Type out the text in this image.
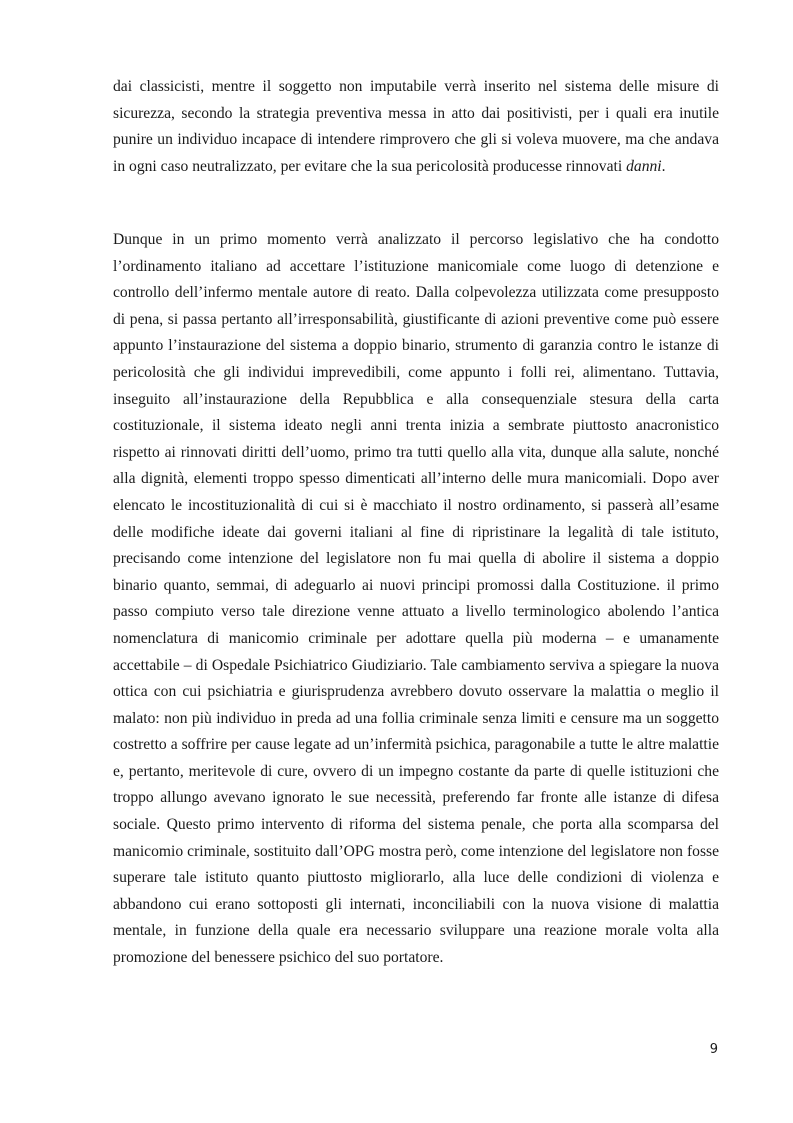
dai classicisti, mentre il soggetto non imputabile verrà inserito nel sistema delle misure di sicurezza, secondo la strategia preventiva messa in atto dai positivisti, per i quali era inutile punire un individuo incapace di intendere rimprovero che gli si voleva muovere, ma che andava in ogni caso neutralizzato, per evitare che la sua pericolosità producesse rinnovati danni.

Dunque in un primo momento verrà analizzato il percorso legislativo che ha condotto l’ordinamento italiano ad accettare l’istituzione manicomiale come luogo di detenzione e controllo dell’infermo mentale autore di reato. Dalla colpevolezza utilizzata come presupposto di pena, si passa pertanto all’irresponsabilità, giustificante di azioni preventive come può essere appunto l’instaurazione del sistema a doppio binario, strumento di garanzia contro le istanze di pericolosità che gli individui imprevedibili, come appunto i folli rei, alimentano. Tuttavia, inseguito all’instaurazione della Repubblica e alla consequenziale stesura della carta costituzionale, il sistema ideato negli anni trenta inizia a sembrate piuttosto anacronistico rispetto ai rinnovati diritti dell’uomo, primo tra tutti quello alla vita, dunque alla salute, nonché alla dignità, elementi troppo spesso dimenticati all’interno delle mura manicomiali. Dopo aver elencato le incostituzionalità di cui si è macchiato il nostro ordinamento, si passerà all’esame delle modifiche ideate dai governi italiani al fine di ripristinare la legalità di tale istituto, precisando come intenzione del legislatore non fu mai quella di abolire il sistema a doppio binario quanto, semmai, di adeguarlo ai nuovi principi promossi dalla Costituzione. il primo passo compiuto verso tale direzione venne attuato a livello terminologico abolendo l’antica nomenclatura di manicomio criminale per adottare quella più moderna – e umanamente accettabile – di Ospedale Psichiatrico Giudiziario. Tale cambiamento serviva a spiegare la nuova ottica con cui psichiatria e giurisprudenza avrebbero dovuto osservare la malattia o meglio il malato: non più individuo in preda ad una follia criminale senza limiti e censure ma un soggetto costretto a soffrire per cause legate ad un’infermità psichica, paragonabile a tutte le altre malattie e, pertanto, meritevole di cure, ovvero di un impegno costante da parte di quelle istituzioni che troppo allungo avevano ignorato le sue necessità, preferendo far fronte alle istanze di difesa sociale. Questo primo intervento di riforma del sistema penale, che porta alla scomparsa del manicomio criminale, sostituito dall’OPG mostra però, come intenzione del legislatore non fosse superare tale istituto quanto piuttosto migliorarlo, alla luce delle condizioni di violenza e abbandono cui erano sottoposti gli internati, inconciliabili con la nuova visione di malattia mentale, in funzione della quale era necessario sviluppare una reazione morale volta alla promozione del benessere psichico del suo portatore.

9
